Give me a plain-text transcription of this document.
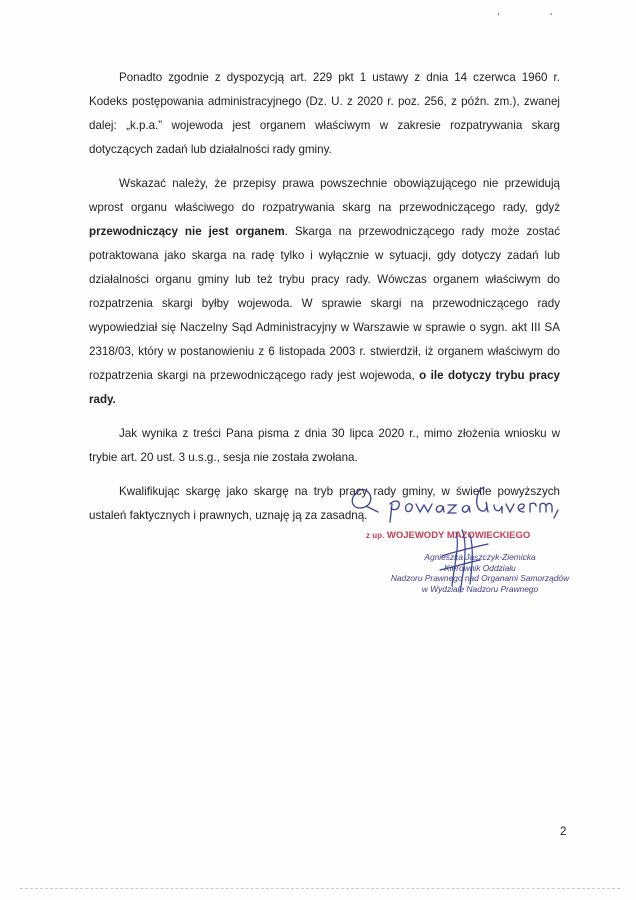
' '

Ponadto zgodnie z dyspozycją art. 229 pkt 1 ustawy z dnia 14 czerwca 1960 r. Kodeks postępowania administracyjnego (Dz. U. z 2020 r. poz. 256, z późn. zm.), zwanej dalej: „k.p.a.” wojewoda jest organem właściwym w zakresie rozpatrywania skarg dotyczących zadań lub działalności rady gminy.

Wskazać należy, że przepisy prawa powszechnie obowiązującego nie przewidują wprost organu właściwego do rozpatrywania skarg na przewodniczącego rady, gdyż przewodniczący nie jest organem. Skarga na przewodniczącego rady może zostać potraktowana jako skarga na radę tylko i wyłącznie w sytuacji, gdy dotyczy zadań lub działalności organu gminy lub też trybu pracy rady. Wówczas organem właściwym do rozpatrzenia skargi byłby wojewoda. W sprawie skargi na przewodniczącego rady wypowiedział się Naczelny Sąd Administracyjny w Warszawie w sprawie o sygn. akt III SA 2318/03, który w postanowieniu z 6 listopada 2003 r. stwierdził, iż organem właściwym do rozpatrzenia skargi na przewodniczącego rady jest wojewoda, o ile dotyczy trybu pracy rady.

Jak wynika z treści Pana pisma z dnia 30 lipca 2020 r., mimo złożenia wniosku w trybie art. 20 ust. 3 u.s.g., sesja nie została zwołana.

Kwalifikując skargę jako skargę na tryb pracy rady gminy, w świetle powyższych ustaleń faktycznych i prawnych, uznaję ją za zasadną.

z up. WOJEWODY MAZOWIECKIEGO
Agnieszka Jaszczyk-Ziemicka
Kierownik Oddziału
Nadzoru Prawnego nad Organami Samorządów
w Wydziale Nadzoru Prawnego
2
